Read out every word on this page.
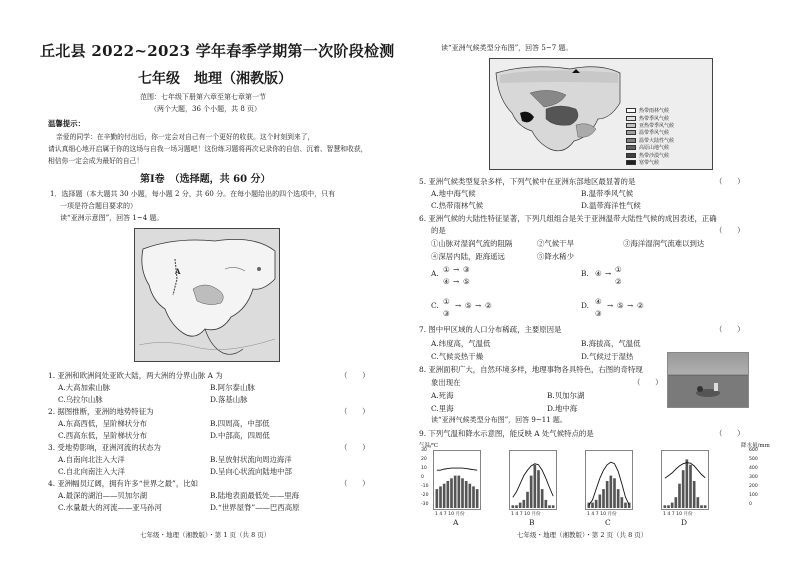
丘北县 2022~2023 学年春季学期第一次阶段检测
七年级　地理（湘教版）
范围：七年级下册第六章至第七章第一节
（两个大题，36 个小题，共 8 页）
温馨提示：
亲爱的同学：在辛勤的付出后，你一定会对自己有一个更好的收获。这个时刻到来了，
请认真细心地开启属于你的这场与自我一场习题吧！这份练习题将再次记录你的自信、沉着、智慧和收获，
相信你一定会成为最好的自己！
第Ⅰ卷　（选择题，共 60 分）
1．选择题（本大题共 30 小题，每小题 2 分，共 60 分。在每小题给出的四个选项中，只有
一项是符合题目要求的）
读“亚洲示意图”，回答 1~4 题。
A
1. 亚洲和欧洲间处亚欧大陆，两大洲的分界山脉 A 为	（　　）
A.大高加索山脉	B.阿尔泰山脉
C.乌拉尔山脉	D.落基山脉
2. 据图推断，亚洲的地势特征为	（　　）
A.东高西低，呈阶梯状分布	B.四周高，中部低
C.西高东低，呈阶梯状分布	D.中部高，四周低
3. 受地势影响，亚洲河流的状态为	（　　）
A.自南向北注入大洋	B.呈放射状流向周边海洋
C.自北向南注入大洋	D.呈向心状流向陆地中部
4. 亚洲幅员辽阔，拥有许多“世界之最”，比如	（　　）
A.最深的湖泊——贝加尔湖	B.陆地表面最低处——里海
C.水量最大的河流——亚马孙河	D.“世界屋脊”——巴西高原
七年级・地理（湘教版）・第 1 页（共 8 页）
读“亚洲气候类型分布图”，回答 5~7 题。
热带雨林气候
热带季风气候
亚热带季风气候
温带季风气候
温带大陆性气候
高原山地气候
热带沙漠气候
寒带气候
5. 亚洲气候类型复杂多样，下列气候中在亚洲东部地区最显著的是	（　　）
A.地中海气候	B.温带季风气候
C.热带雨林气候	D.温带海洋性气候
6. 亚洲气候的大陆性特征显著，下列几组组合是关于亚洲温带大陆性气候的成因表述，正确
的是	（　　）
①山脉对湿润气流的阻隔	②气候干旱	③海洋湿润气流难以到达
④深居内陆，距海遥远	⑤降水稀少
A. ①
④
→
→
③
⑤
B. ④ → ①
②
C. ①
③
→ ⑤ → ②	D. ④
③
→ ⑤ → ②
7. 图中甲区域的人口分布稀疏，主要原因是	（　　）
A.纬度高，气温低	B.海拔高，气温低
C.气候炎热干燥	D.气候过于湿热
8. 亚洲面积广大，自然环境多样，地理事物各具特色，右图的奇特现
象出现在	（　　）
A.死海	B.贝加尔湖
C.里海	D.地中海
读“亚洲气候类型分布图”，回答 9~11 题。
9. 下列气温和降水示意图，能反映 A 处气候特点的是	（　　）
气温/℃	降水量/mm
1 4 7 10 月份
A
1 4 7 10 月份
B
1 4 7 10 月份
C
1 4 7 10 月份
D
30
20
10
0
-10
-20
-30
600
500
400
300
200
100
0
七年级・地理（湘教版）・第 2 页（共 8 页）
